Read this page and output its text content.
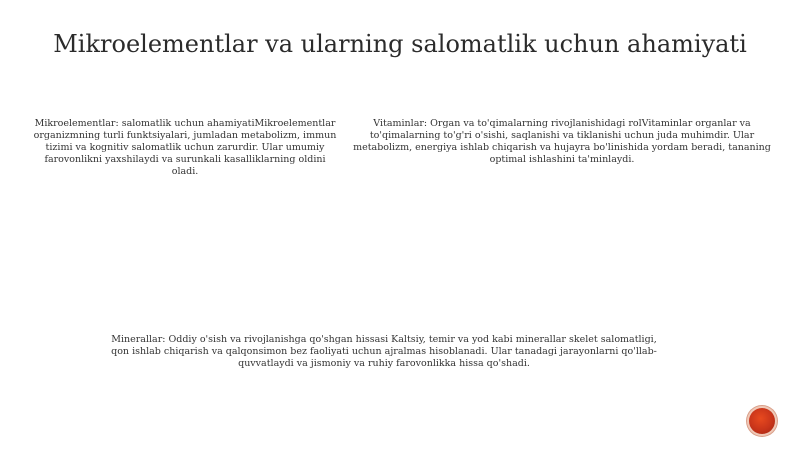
Mikroelementlar va ularning salomatlik uchun ahamiyati
Mikroelementlar: salomatlik uchun ahamiyatiMikroelementlar organizmning turli funktsiyalari, jumladan metabolizm, immun tizimi va kognitiv salomatlik uchun zarurdir. Ular umumiy farovonlikni yaxshilaydi va surunkali kasalliklarning oldini oladi.
Vitaminlar: Organ va to'qimalarning rivojlanishidagi rolVitaminlar organlar va to'qimalarning to'g'ri o'sishi, saqlanishi va tiklanishi uchun juda muhimdir. Ular metabolizm, energiya ishlab chiqarish va hujayra bo'linishida yordam beradi, tananing optimal ishlashini ta'minlaydi.
Minerallar: Oddiy o'sish va rivojlanishga qo'shgan hissasi Kaltsiy, temir va yod kabi minerallar skelet salomatligi, qon ishlab chiqarish va qalqonsimon bez faoliyati uchun ajralmas hisoblanadi. Ular tanadagi jarayonlarni qo'llab-quvvatlaydi va jismoniy va ruhiy farovonlikka hissa qo'shadi.
